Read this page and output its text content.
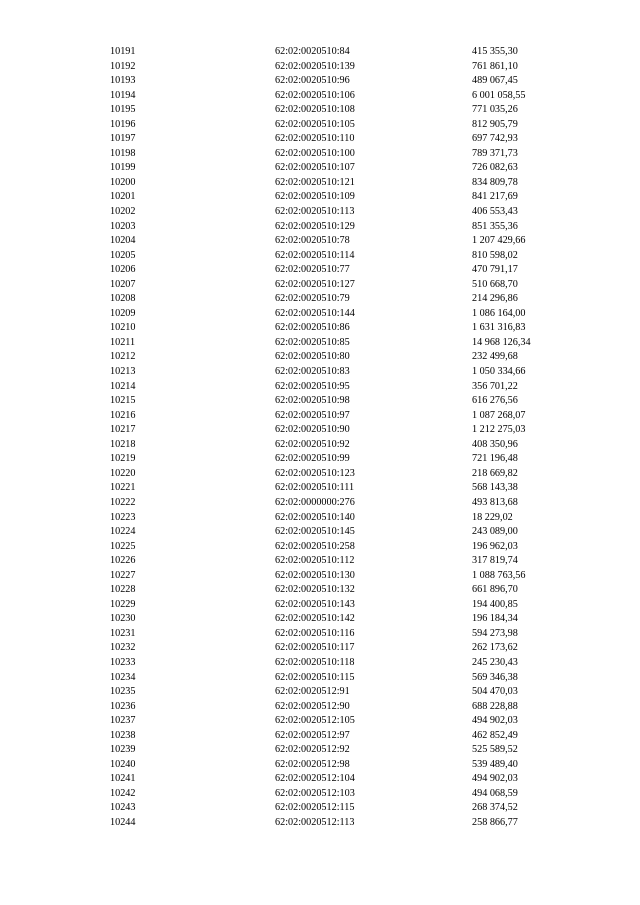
10191	62:02:0020510:84	415 355,30
10192	62:02:0020510:139	761 861,10
10193	62:02:0020510:96	489 067,45
10194	62:02:0020510:106	6 001 058,55
10195	62:02:0020510:108	771 035,26
10196	62:02:0020510:105	812 905,79
10197	62:02:0020510:110	697 742,93
10198	62:02:0020510:100	789 371,73
10199	62:02:0020510:107	726 082,63
10200	62:02:0020510:121	834 809,78
10201	62:02:0020510:109	841 217,69
10202	62:02:0020510:113	406 553,43
10203	62:02:0020510:129	851 355,36
10204	62:02:0020510:78	1 207 429,66
10205	62:02:0020510:114	810 598,02
10206	62:02:0020510:77	470 791,17
10207	62:02:0020510:127	510 668,70
10208	62:02:0020510:79	214 296,86
10209	62:02:0020510:144	1 086 164,00
10210	62:02:0020510:86	1 631 316,83
10211	62:02:0020510:85	14 968 126,34
10212	62:02:0020510:80	232 499,68
10213	62:02:0020510:83	1 050 334,66
10214	62:02:0020510:95	356 701,22
10215	62:02:0020510:98	616 276,56
10216	62:02:0020510:97	1 087 268,07
10217	62:02:0020510:90	1 212 275,03
10218	62:02:0020510:92	408 350,96
10219	62:02:0020510:99	721 196,48
10220	62:02:0020510:123	218 669,82
10221	62:02:0020510:111	568 143,38
10222	62:02:0000000:276	493 813,68
10223	62:02:0020510:140	18 229,02
10224	62:02:0020510:145	243 089,00
10225	62:02:0020510:258	196 962,03
10226	62:02:0020510:112	317 819,74
10227	62:02:0020510:130	1 088 763,56
10228	62:02:0020510:132	661 896,70
10229	62:02:0020510:143	194 400,85
10230	62:02:0020510:142	196 184,34
10231	62:02:0020510:116	594 273,98
10232	62:02:0020510:117	262 173,62
10233	62:02:0020510:118	245 230,43
10234	62:02:0020510:115	569 346,38
10235	62:02:0020512:91	504 470,03
10236	62:02:0020512:90	688 228,88
10237	62:02:0020512:105	494 902,03
10238	62:02:0020512:97	462 852,49
10239	62:02:0020512:92	525 589,52
10240	62:02:0020512:98	539 489,40
10241	62:02:0020512:104	494 902,03
10242	62:02:0020512:103	494 068,59
10243	62:02:0020512:115	268 374,52
10244	62:02:0020512:113	258 866,77
